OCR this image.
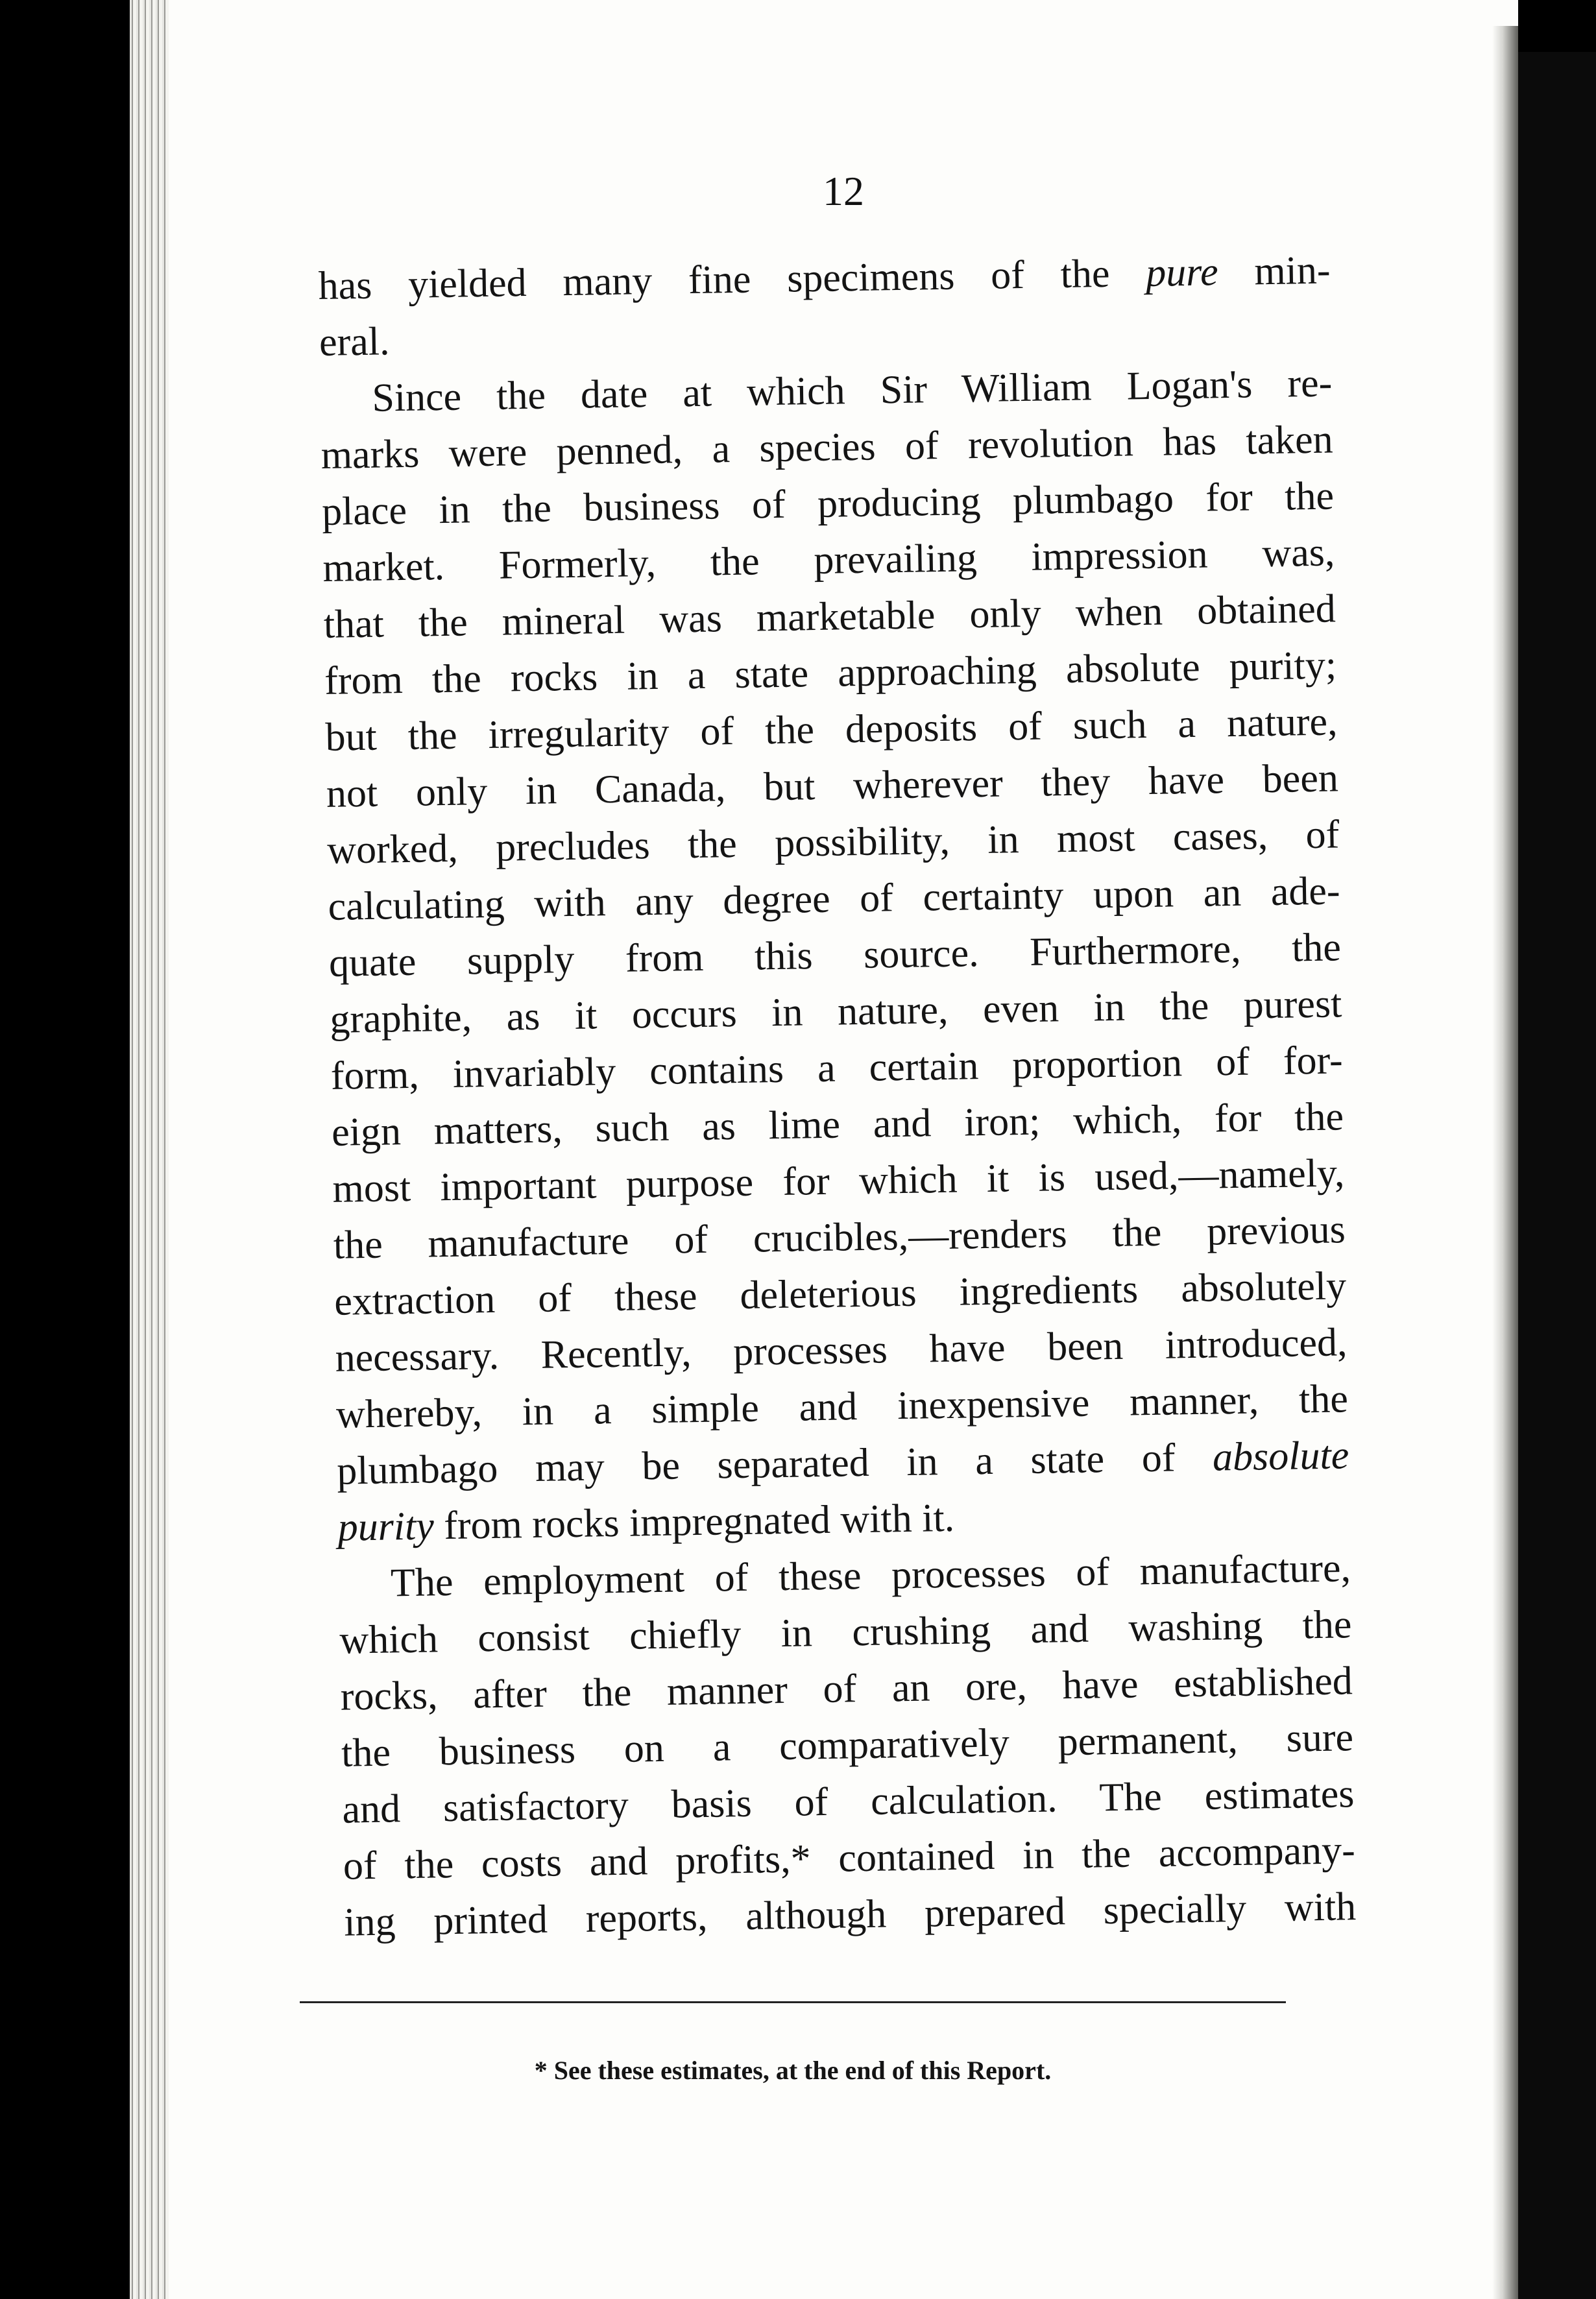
12
has yielded many fine specimens of the pure min-
eral.
Since the date at which Sir William Logan's re-
marks were penned, a species of revolution has taken
place in the business of producing plumbago for the
market. Formerly, the prevailing impression was,
that the mineral was marketable only when obtained
from the rocks in a state approaching absolute purity;
but the irregularity of the deposits of such a nature,
not only in Canada, but wherever they have been
worked, precludes the possibility, in most cases, of
calculating with any degree of certainty upon an ade-
quate supply from this source. Furthermore, the
graphite, as it occurs in nature, even in the purest
form, invariably contains a certain proportion of for-
eign matters, such as lime and iron; which, for the
most important purpose for which it is used,—namely,
the manufacture of crucibles,—renders the previous
extraction of these deleterious ingredients absolutely
necessary. Recently, processes have been introduced,
whereby, in a simple and inexpensive manner, the
plumbago may be separated in a state of absolute
purity from rocks impregnated with it.
The employment of these processes of manufacture,
which consist chiefly in crushing and washing the
rocks, after the manner of an ore, have established
the business on a comparatively permanent, sure
and satisfactory basis of calculation. The estimates
of the costs and profits,* contained in the accompany-
ing printed reports, although prepared specially with
* See these estimates, at the end of this Report.
